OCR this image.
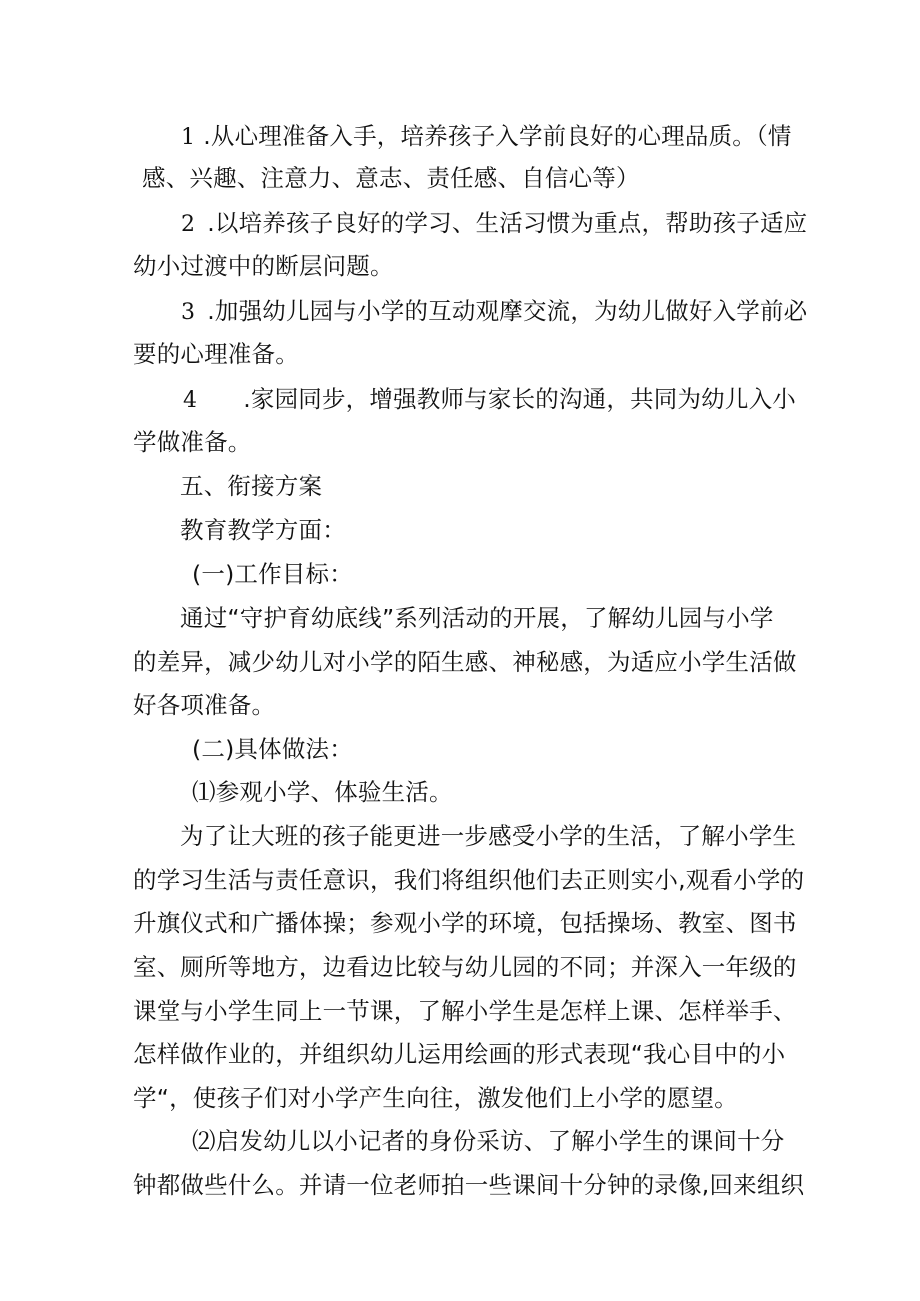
1 .从心理准备入手，培养孩子入学前良好的心理品质。（情
感、兴趣、注意力、意志、责任感、自信心等）
2 .以培养孩子良好的学习、生活习惯为重点，帮助孩子适应
幼小过渡中的断层问题。
3 .加强幼儿园与小学的互动观摩交流，为幼儿做好入学前必
要的心理准备。
4 .家园同步，增强教师与家长的沟通，共同为幼儿入小
学做准备。
五、衔接方案
教育教学方面：
(一)工作目标：
通过“守护育幼底线”系列活动的开展，了解幼儿园与小学
的差异，减少幼儿对小学的陌生感、神秘感，为适应小学生活做
好各项准备。
(二)具体做法：
⑴参观小学、体验生活。
为了让大班的孩子能更进一步感受小学的生活，了解小学生
的学习生活与责任意识，我们将组织他们去正则实小,观看小学的
升旗仪式和广播体操；参观小学的环境，包括操场、教室、图书
室、厕所等地方，边看边比较与幼儿园的不同；并深入一年级的
课堂与小学生同上一节课，了解小学生是怎样上课、怎样举手、
怎样做作业的，并组织幼儿运用绘画的形式表现“我心目中的小
学“，使孩子们对小学产生向往，激发他们上小学的愿望。
⑵启发幼儿以小记者的身份采访、了解小学生的课间十分
钟都做些什么。并请一位老师拍一些课间十分钟的录像,回来组织
